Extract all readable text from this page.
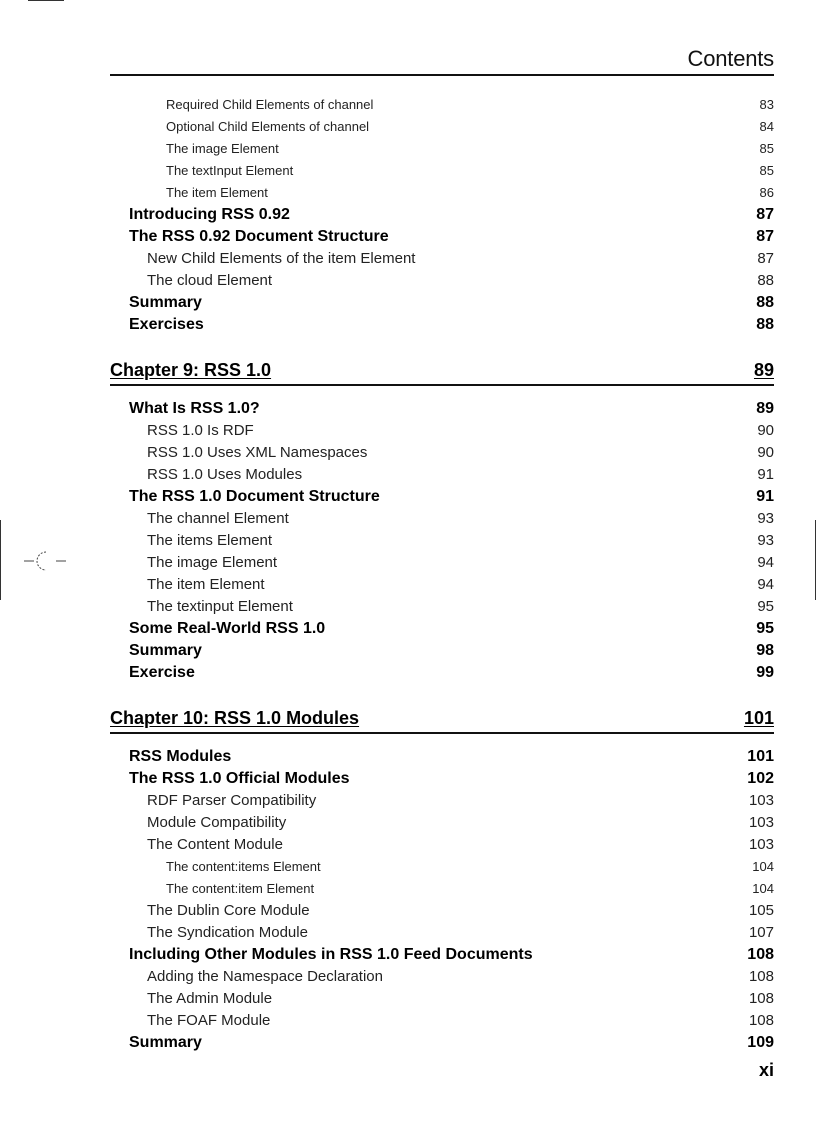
Contents
Required Child Elements of channel	83
Optional Child Elements of channel	84
The image Element	85
The textInput Element	85
The item Element	86
Introducing RSS 0.92	87
The RSS 0.92 Document Structure	87
New Child Elements of the item Element	87
The cloud Element	88
Summary	88
Exercises	88
Chapter 9: RSS 1.0	89
What Is RSS 1.0?	89
RSS 1.0 Is RDF	90
RSS 1.0 Uses XML Namespaces	90
RSS 1.0 Uses Modules	91
The RSS 1.0 Document Structure	91
The channel Element	93
The items Element	93
The image Element	94
The item Element	94
The textinput Element	95
Some Real-World RSS 1.0	95
Summary	98
Exercise	99
Chapter 10: RSS 1.0 Modules	101
RSS Modules	101
The RSS 1.0 Official Modules	102
RDF Parser Compatibility	103
Module Compatibility	103
The Content Module	103
The content:items Element	104
The content:item Element	104
The Dublin Core Module	105
The Syndication Module	107
Including Other Modules in RSS 1.0 Feed Documents	108
Adding the Namespace Declaration	108
The Admin Module	108
The FOAF Module	108
Summary	109
xi
